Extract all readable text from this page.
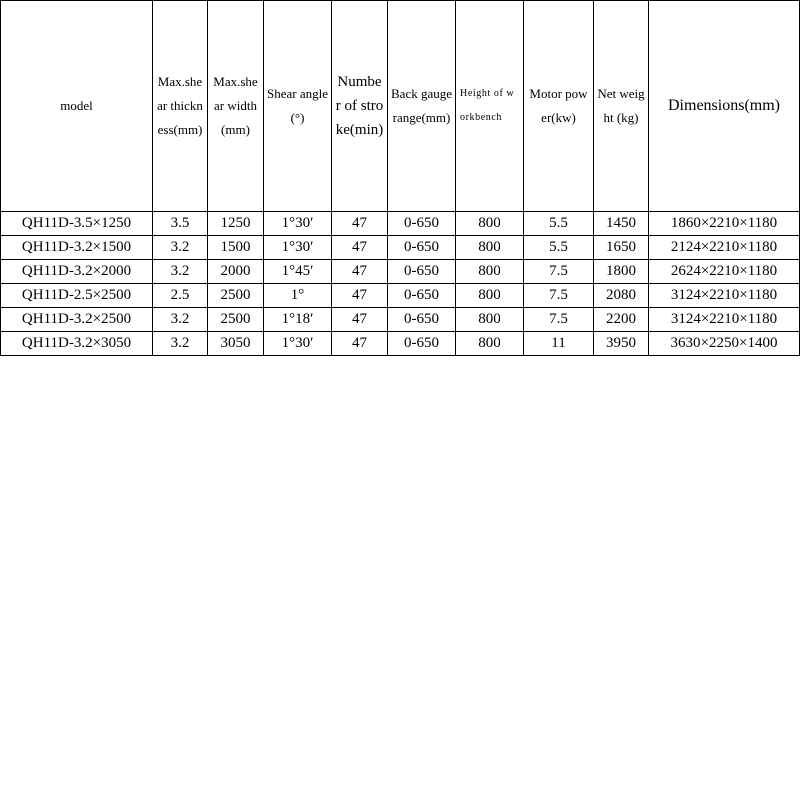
model	Max.shear thickness(mm)	Max.shear width(mm)	Shear angle(°)	Number of stroke(min)	Back gauge range(mm)	Height of workbench	Motor power(kw)	Net weight (kg)	Dimensions(mm)
QH11D-3.5×1250	3.5	1250	1°30′	47	0-650	800	5.5	1450	1860×2210×1180
QH11D-3.2×1500	3.2	1500	1°30′	47	0-650	800	5.5	1650	2124×2210×1180
QH11D-3.2×2000	3.2	2000	1°45′	47	0-650	800	7.5	1800	2624×2210×1180
QH11D-2.5×2500	2.5	2500	1°	47	0-650	800	7.5	2080	3124×2210×1180
QH11D-3.2×2500	3.2	2500	1°18′	47	0-650	800	7.5	2200	3124×2210×1180
QH11D-3.2×3050	3.2	3050	1°30′	47	0-650	800	11	3950	3630×2250×1400
